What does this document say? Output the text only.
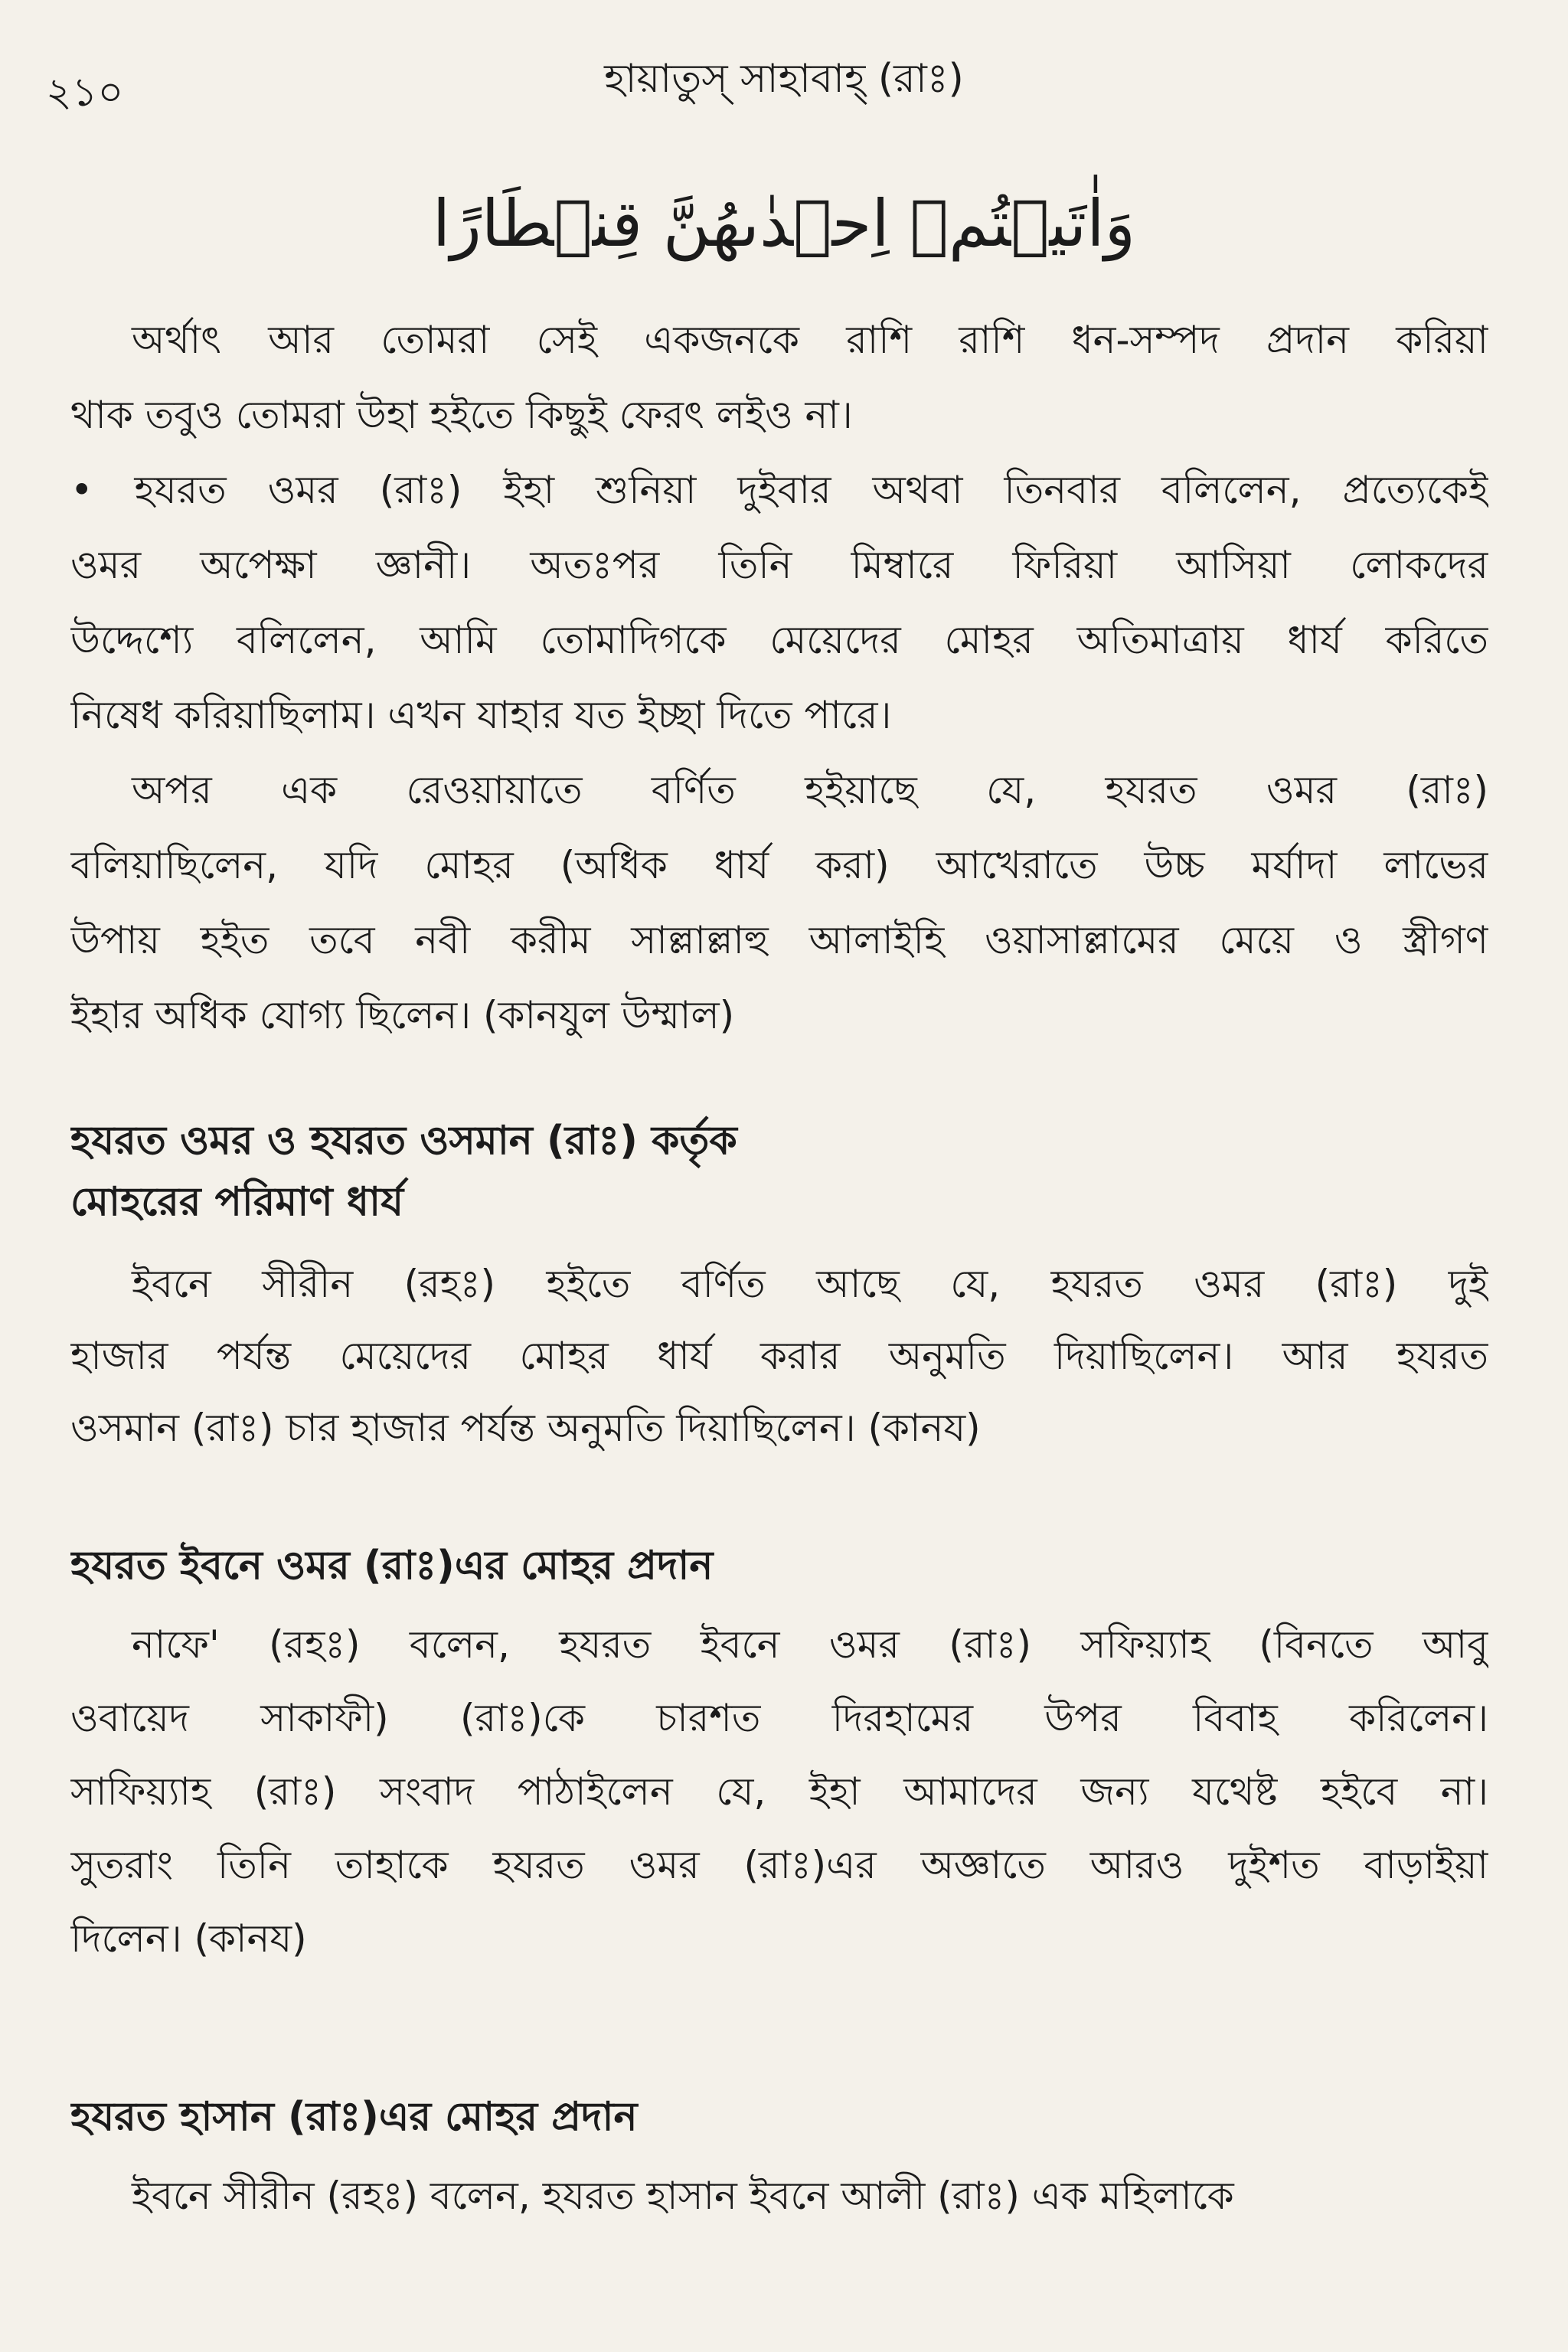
২১০	হায়াতুস্ সাহাবাহ্ (রাঃ)
وَاٰتَیۡتُمۡ اِحۡدٰىهُنَّ قِنۡطَارًا
অর্থাৎ আর তোমরা সেই একজনকে রাশি রাশি ধন-সম্পদ প্রদান করিয়া
থাক তবুও তোমরা উহা হইতে কিছুই ফেরৎ লইও না।
• হযরত ওমর (রাঃ) ইহা শুনিয়া দুইবার অথবা তিনবার বলিলেন, প্রত্যেকেই
ওমর অপেক্ষা জ্ঞানী। অতঃপর তিনি মিম্বারে ফিরিয়া আসিয়া লোকদের
উদ্দেশ্যে বলিলেন, আমি তোমাদিগকে মেয়েদের মোহর অতিমাত্রায় ধার্য করিতে
নিষেধ করিয়াছিলাম। এখন যাহার যত ইচ্ছা দিতে পারে।
অপর এক রেওয়ায়াতে বর্ণিত হইয়াছে যে, হযরত ওমর (রাঃ)
বলিয়াছিলেন, যদি মোহর (অধিক ধার্য করা) আখেরাতে উচ্চ মর্যাদা লাভের
উপায় হইত তবে নবী করীম সাল্লাল্লাহু আলাইহি ওয়াসাল্লামের মেয়ে ও স্ত্রীগণ
ইহার অধিক যোগ্য ছিলেন। (কানযুল উম্মাল)
হযরত ওমর ও হযরত ওসমান (রাঃ) কর্তৃক
মোহরের পরিমাণ ধার্য
ইবনে সীরীন (রহঃ) হইতে বর্ণিত আছে যে, হযরত ওমর (রাঃ) দুই
হাজার পর্যন্ত মেয়েদের মোহর ধার্য করার অনুমতি দিয়াছিলেন। আর হযরত
ওসমান (রাঃ) চার হাজার পর্যন্ত অনুমতি দিয়াছিলেন। (কানয)
হযরত ইবনে ওমর (রাঃ)এর মোহর প্রদান
নাফে' (রহঃ) বলেন, হযরত ইবনে ওমর (রাঃ) সফিয়্যাহ (বিনতে আবু
ওবায়েদ সাকাফী) (রাঃ)কে চারশত দিরহামের উপর বিবাহ করিলেন।
সাফিয়্যাহ (রাঃ) সংবাদ পাঠাইলেন যে, ইহা আমাদের জন্য যথেষ্ট হইবে না।
সুতরাং তিনি তাহাকে হযরত ওমর (রাঃ)এর অজ্ঞাতে আরও দুইশত বাড়াইয়া
দিলেন। (কানয)
হযরত হাসান (রাঃ)এর মোহর প্রদান
ইবনে সীরীন (রহঃ) বলেন, হযরত হাসান ইবনে আলী (রাঃ) এক মহিলাকে
